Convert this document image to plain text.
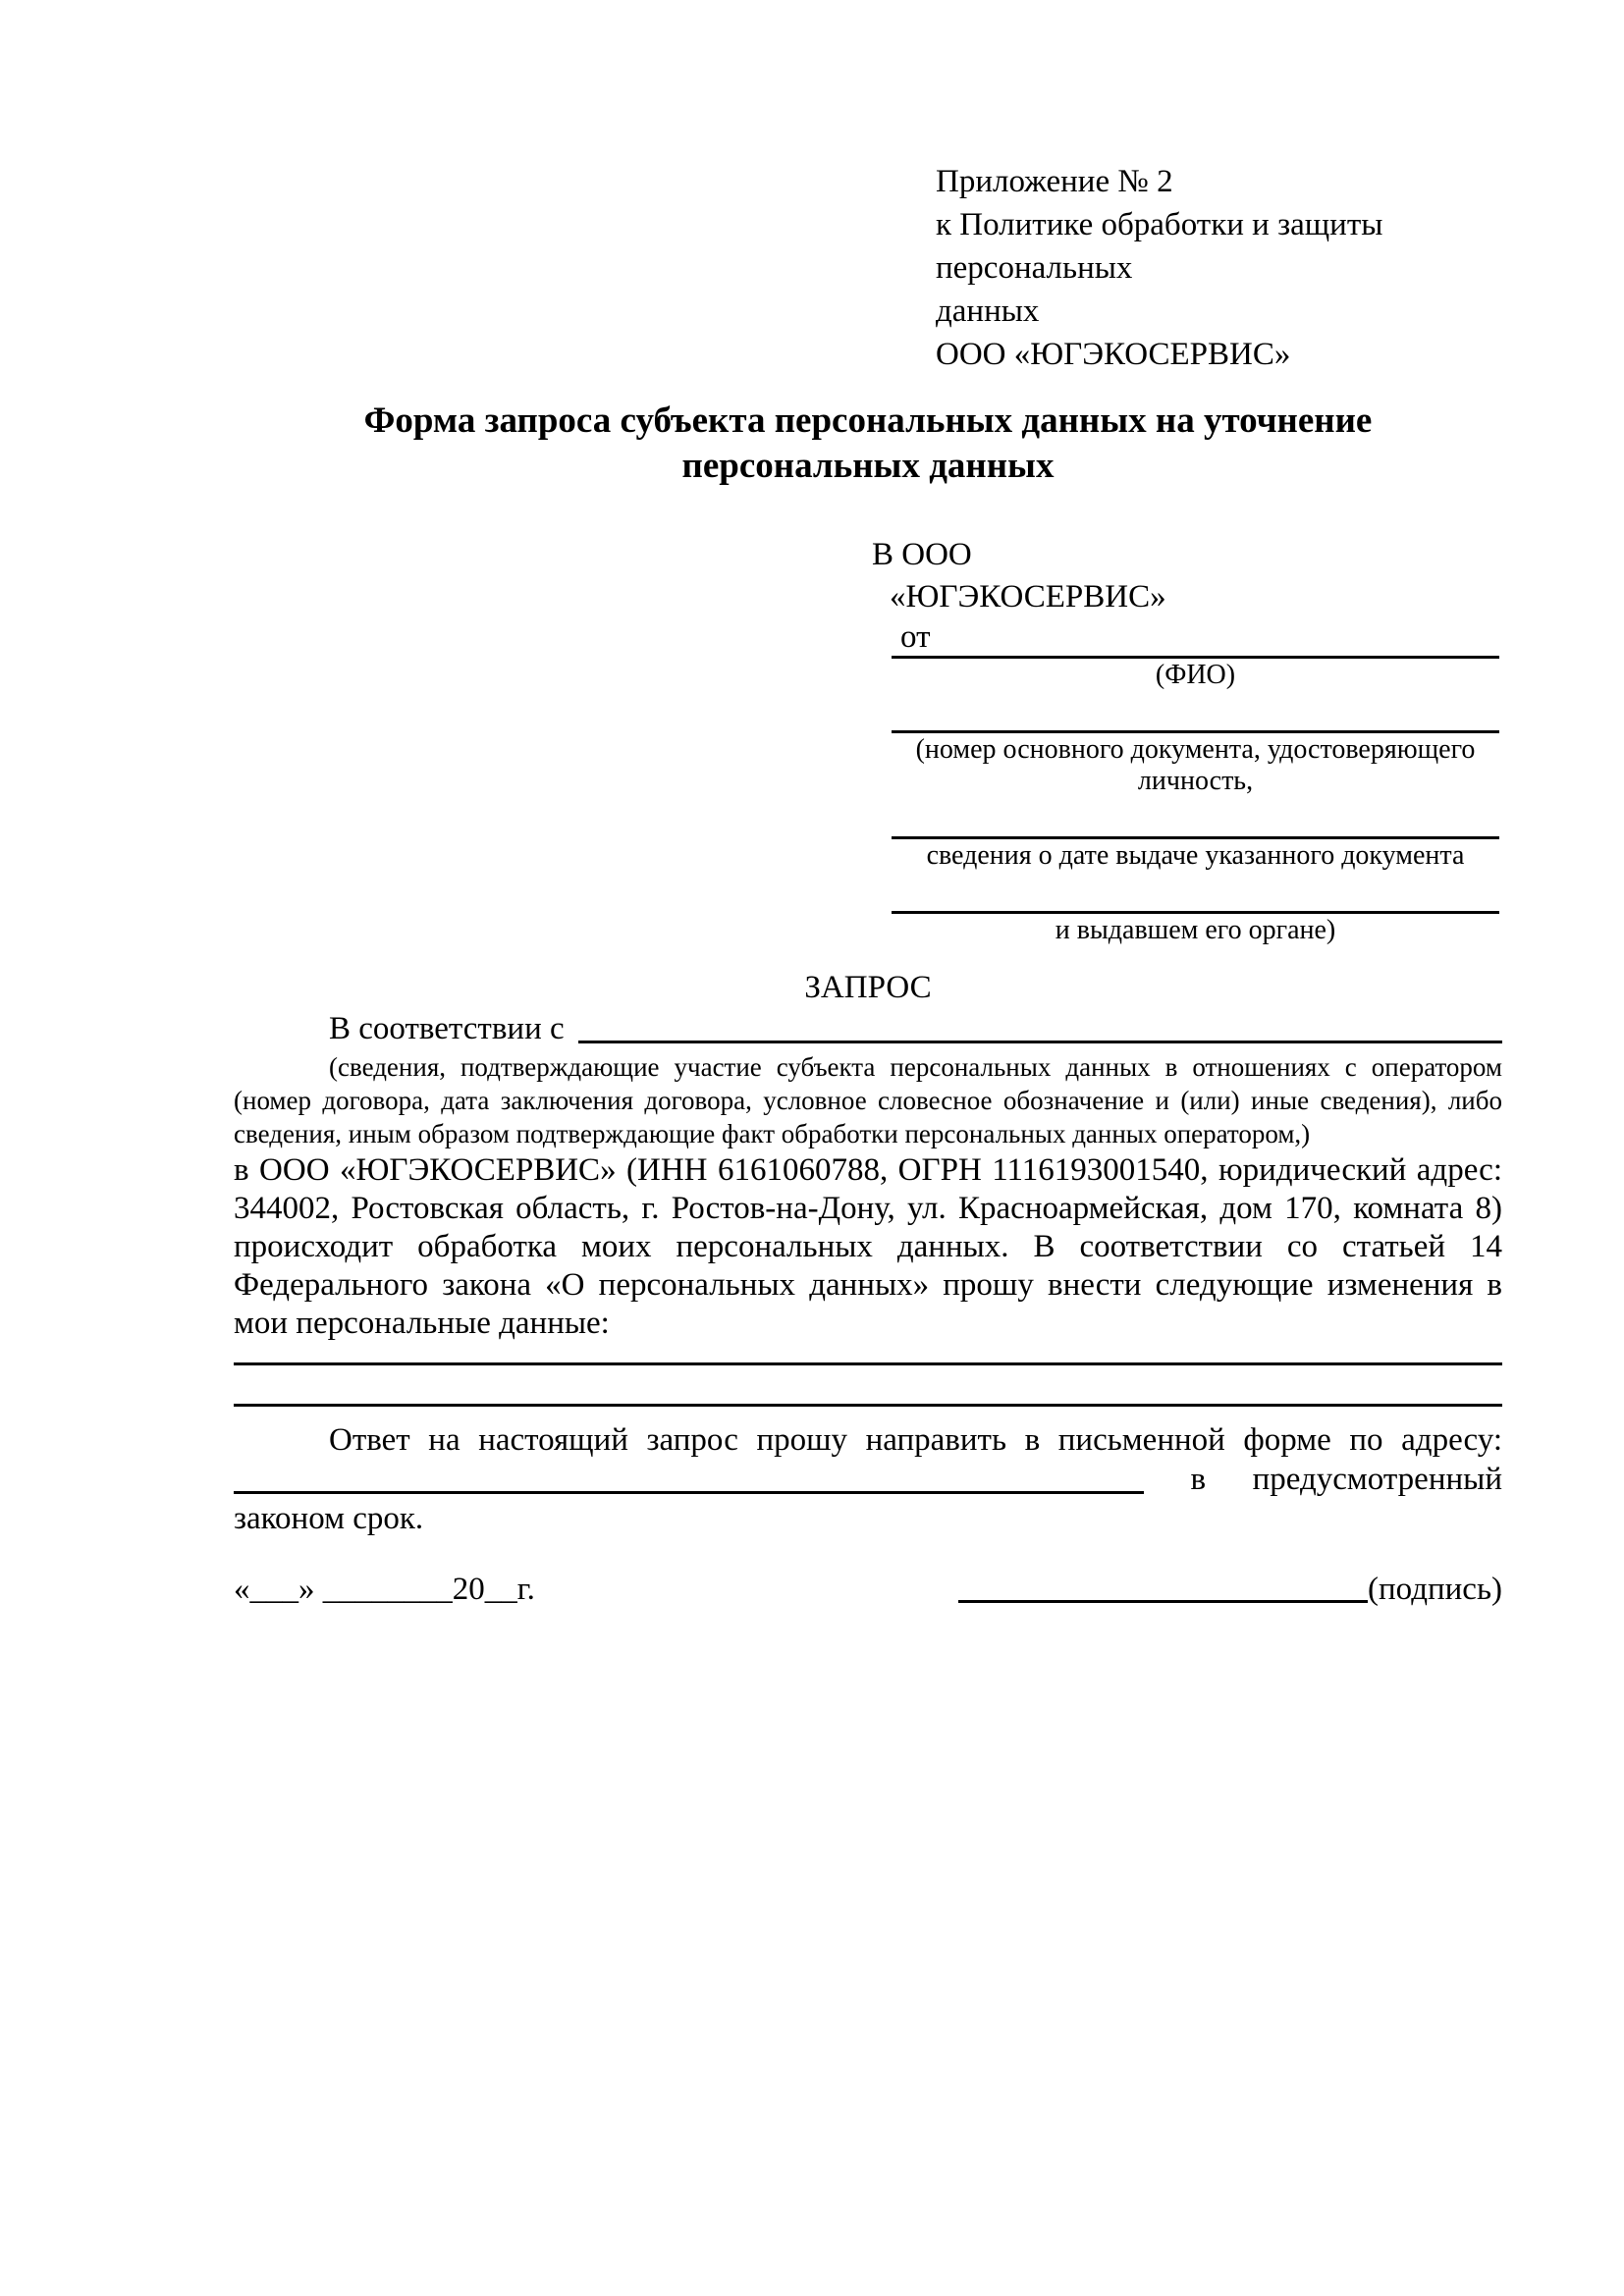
Приложение № 2
к Политике обработки и защиты персональных
данных
ООО «ЮГЭКОСЕРВИС»
Форма запроса субъекта персональных данных на уточнение персональных данных
В ООО
«ЮГЭКОСЕРВИС»
от
(ФИО)
(номер основного документа, удостоверяющего личность,
сведения о дате выдаче указанного документа
и выдавшем его органе)
ЗАПРОС
В соответствии с
(сведения, подтверждающие участие субъекта персональных данных в отношениях с оператором (номер договора, дата заключения договора, условное словесное обозначение и (или) иные сведения), либо сведения, иным образом подтверждающие факт обработки персональных данных оператором,)
в ООО «ЮГЭКОСЕРВИС» (ИНН 6161060788, ОГРН 1116193001540, юридический адрес: 344002, Ростовская область, г. Ростов-на-Дону, ул. Красноармейская, дом 170, комната 8) происходит обработка моих персональных данных. В соответствии со статьей 14 Федерального закона «О персональных данных» прошу внести следующие изменения в мои персональные данные:
Ответ на настоящий запрос прошу направить в письменной форме по адресу:
в предусмотренный
законом срок.
«___» ________20__г.	(подпись)
